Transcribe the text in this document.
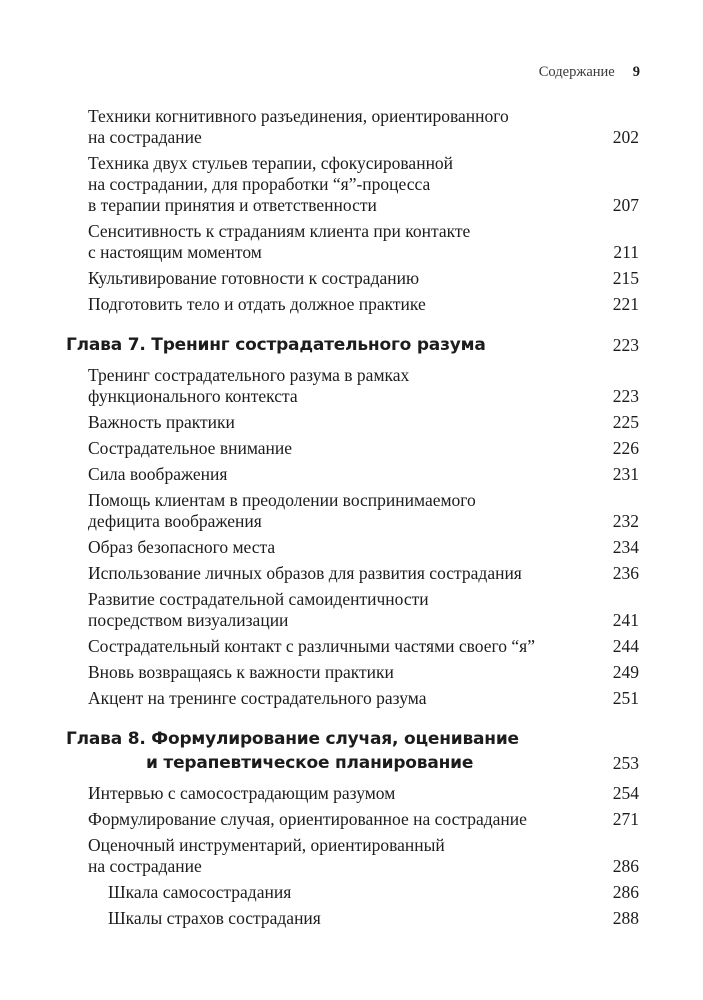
Содержание 9
Техники когнитивного разъединения, ориентированного
на сострадание	202
Техника двух стульев терапии, сфокусированной
на сострадании, для проработки “я”-процесса
в терапии принятия и ответственности	207
Сенситивность к страданиям клиента при контакте
с настоящим моментом	211
Культивирование готовности к состраданию	215
Подготовить тело и отдать должное практике	221
Глава 7. Тренинг сострадательного разума	223
Тренинг сострадательного разума в рамках
функционального контекста	223
Важность практики	225
Сострадательное внимание	226
Сила воображения	231
Помощь клиентам в преодолении воспринимаемого
дефицита воображения	232
Образ безопасного места	234
Использование личных образов для развития сострадания	236
Развитие сострадательной самоидентичности
посредством визуализации	241
Сострадательный контакт с различными частями своего “я”	244
Вновь возвращаясь к важности практики	249
Акцент на тренинге сострадательного разума	251
Глава 8. Формулирование случая, оценивание
и терапевтическое планирование	253
Интервью с самосострадающим разумом	254
Формулирование случая, ориентированное на сострадание	271
Оценочный инструментарий, ориентированный
на сострадание	286
Шкала самосострадания	286
Шкалы страхов сострадания	288
